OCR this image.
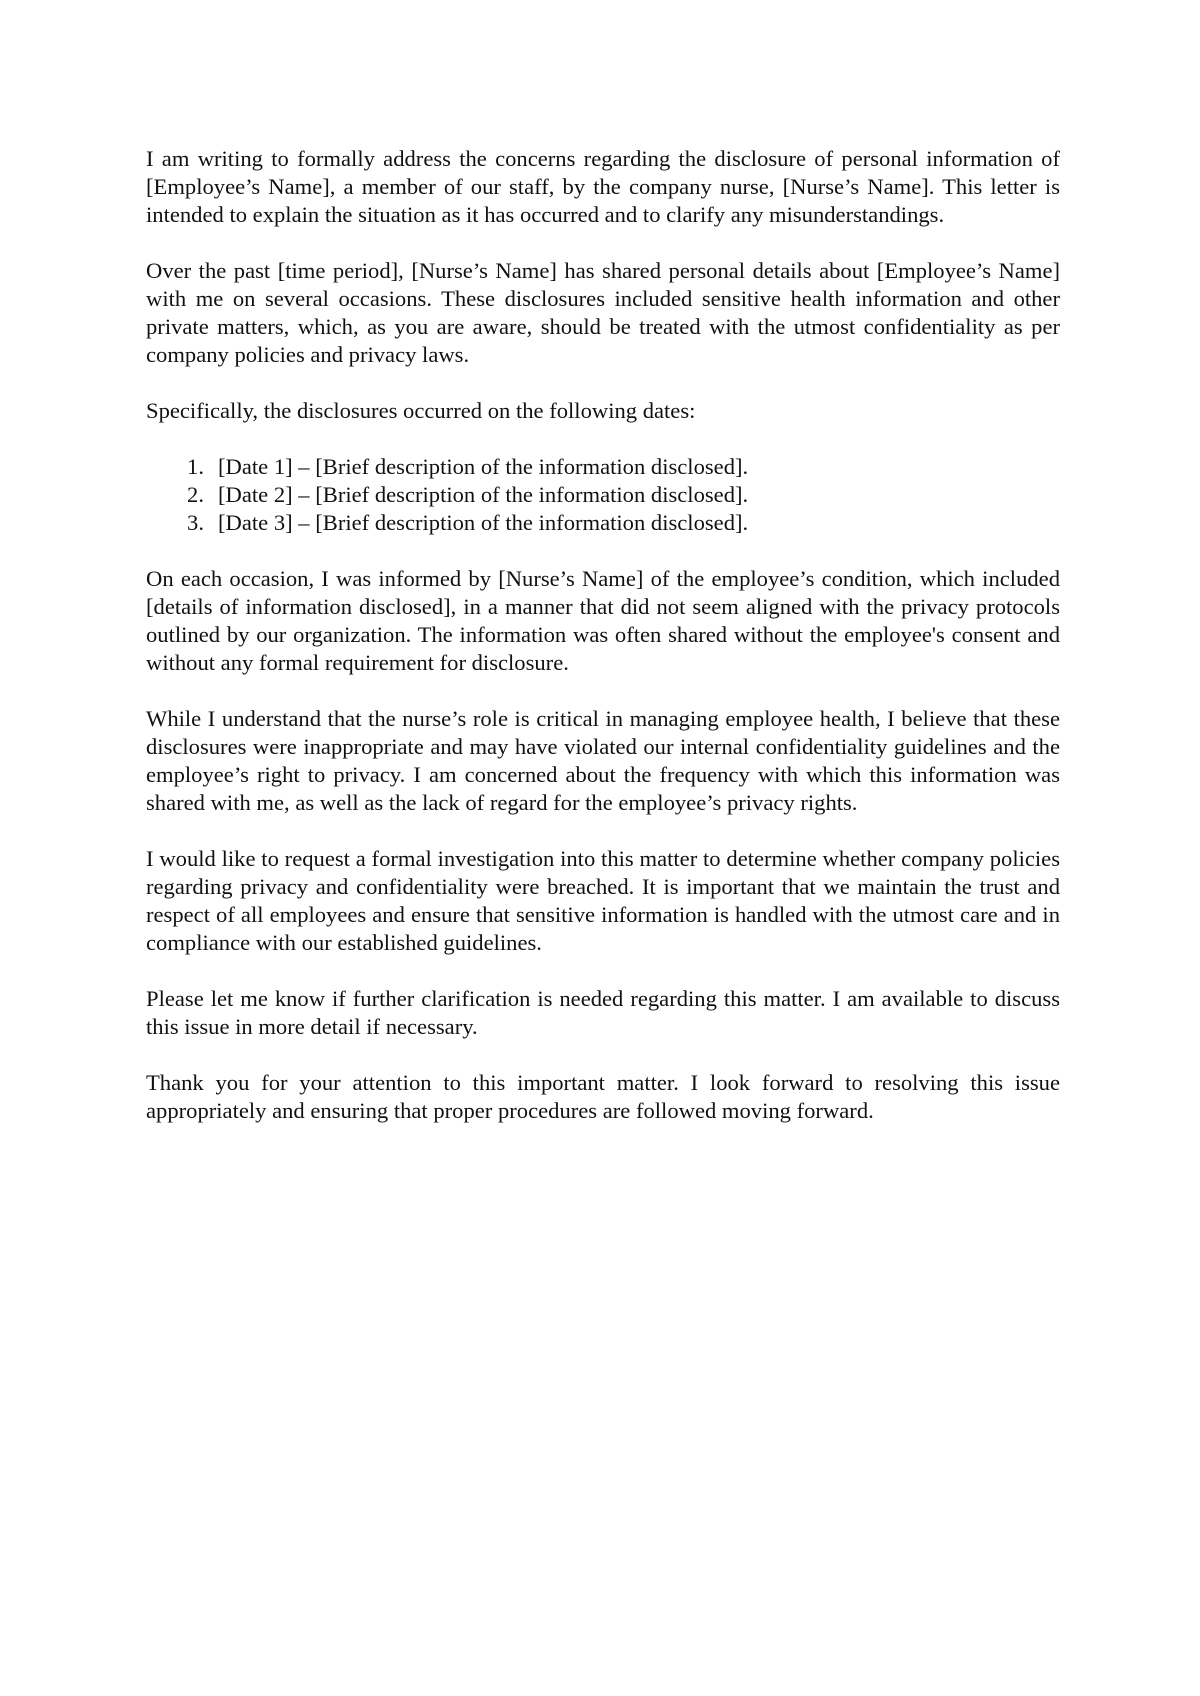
I am writing to formally address the concerns regarding the disclosure of personal information of [Employee’s Name], a member of our staff, by the company nurse, [Nurse’s Name]. This letter is intended to explain the situation as it has occurred and to clarify any misunderstandings.

Over the past [time period], [Nurse’s Name] has shared personal details about [Employee’s Name] with me on several occasions. These disclosures included sensitive health information and other private matters, which, as you are aware, should be treated with the utmost confidentiality as per company policies and privacy laws.

Specifically, the disclosures occurred on the following dates:

1. [Date 1] – [Brief description of the information disclosed].
2. [Date 2] – [Brief description of the information disclosed].
3. [Date 3] – [Brief description of the information disclosed].

On each occasion, I was informed by [Nurse’s Name] of the employee’s condition, which included [details of information disclosed], in a manner that did not seem aligned with the privacy protocols outlined by our organization. The information was often shared without the employee's consent and without any formal requirement for disclosure.

While I understand that the nurse’s role is critical in managing employee health, I believe that these disclosures were inappropriate and may have violated our internal confidentiality guidelines and the employee’s right to privacy. I am concerned about the frequency with which this information was shared with me, as well as the lack of regard for the employee’s privacy rights.

I would like to request a formal investigation into this matter to determine whether company policies regarding privacy and confidentiality were breached. It is important that we maintain the trust and respect of all employees and ensure that sensitive information is handled with the utmost care and in compliance with our established guidelines.

Please let me know if further clarification is needed regarding this matter. I am available to discuss this issue in more detail if necessary.

Thank you for your attention to this important matter. I look forward to resolving this issue appropriately and ensuring that proper procedures are followed moving forward.
